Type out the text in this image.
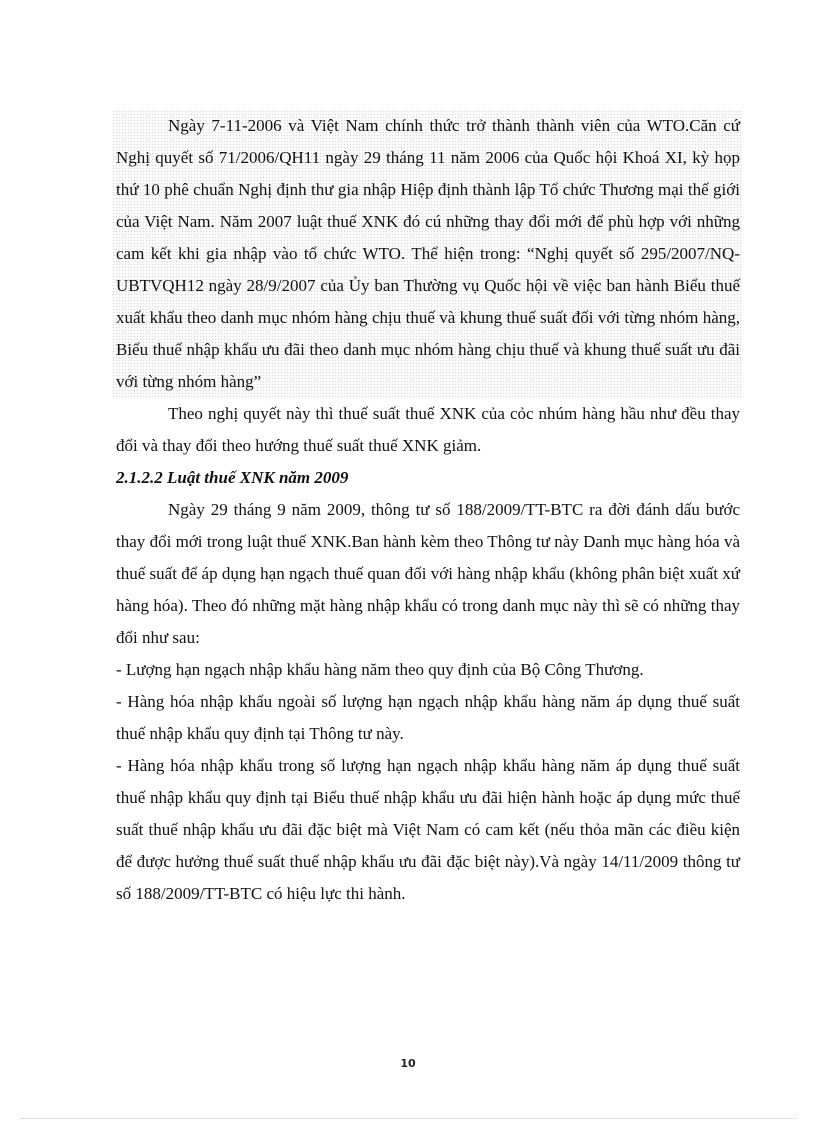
Ngày 7-11-2006 và Việt Nam chính thức trở thành thành viên của WTO.Căn cứ Nghị quyết số 71/2006/QH11 ngày 29 tháng 11 năm 2006 của Quốc hội Khoá XI, kỳ họp thứ 10 phê chuẩn Nghị định thư gia nhập Hiệp định thành lập Tổ chức Thương mại thế giới của Việt Nam. Năm 2007 luật thuế XNK đó cú những thay đổi mới để phù hợp với những cam kết khi gia nhập vào tổ chức WTO. Thể hiện trong: “Nghị quyết số 295/2007/NQ-UBTVQH12 ngày 28/9/2007 của Ủy ban Thường vụ Quốc hội về việc ban hành Biểu thuế xuất khẩu theo danh mục nhóm hàng chịu thuế và khung thuế suất đối với từng nhóm hàng, Biểu thuế nhập khẩu ưu đãi theo danh mục nhóm hàng chịu thuế và khung thuế suất ưu đãi với từng nhóm hàng”

Theo nghị quyết này thì thuế suất thuế XNK của cỏc nhúm hàng hầu như đều thay đổi và thay đổi theo hướng thuế suất thuế XNK giảm.

2.1.2.2 Luật thuế XNK năm 2009

Ngày 29 tháng 9 năm 2009, thông tư số 188/2009/TT-BTC ra đời đánh dấu bước thay đổi mới trong luật thuế XNK.Ban hành kèm theo Thông tư này Danh mục hàng hóa và thuế suất để áp dụng hạn ngạch thuế quan đối với hàng nhập khẩu (không phân biệt xuất xứ hàng hóa). Theo đó những mặt hàng nhập khẩu có trong danh mục này thì sẽ có những thay đổi như sau:

- Lượng hạn ngạch nhập khẩu hàng năm theo quy định của Bộ Công Thương.

- Hàng hóa nhập khẩu ngoài số lượng hạn ngạch nhập khẩu hàng năm áp dụng thuế suất thuế nhập khẩu quy định tại Thông tư này.

- Hàng hóa nhập khẩu trong số lượng hạn ngạch nhập khẩu hàng năm áp dụng thuế suất thuế nhập khẩu quy định tại Biểu thuế nhập khẩu ưu đãi hiện hành hoặc áp dụng mức thuế suất thuế nhập khẩu ưu đãi đặc biệt mà Việt Nam có cam kết (nếu thỏa mãn các điều kiện để được hưởng thuế suất thuế nhập khẩu ưu đãi đặc biệt này).Và ngày 14/11/2009 thông tư số 188/2009/TT-BTC có hiệu lực thi hành.

10
